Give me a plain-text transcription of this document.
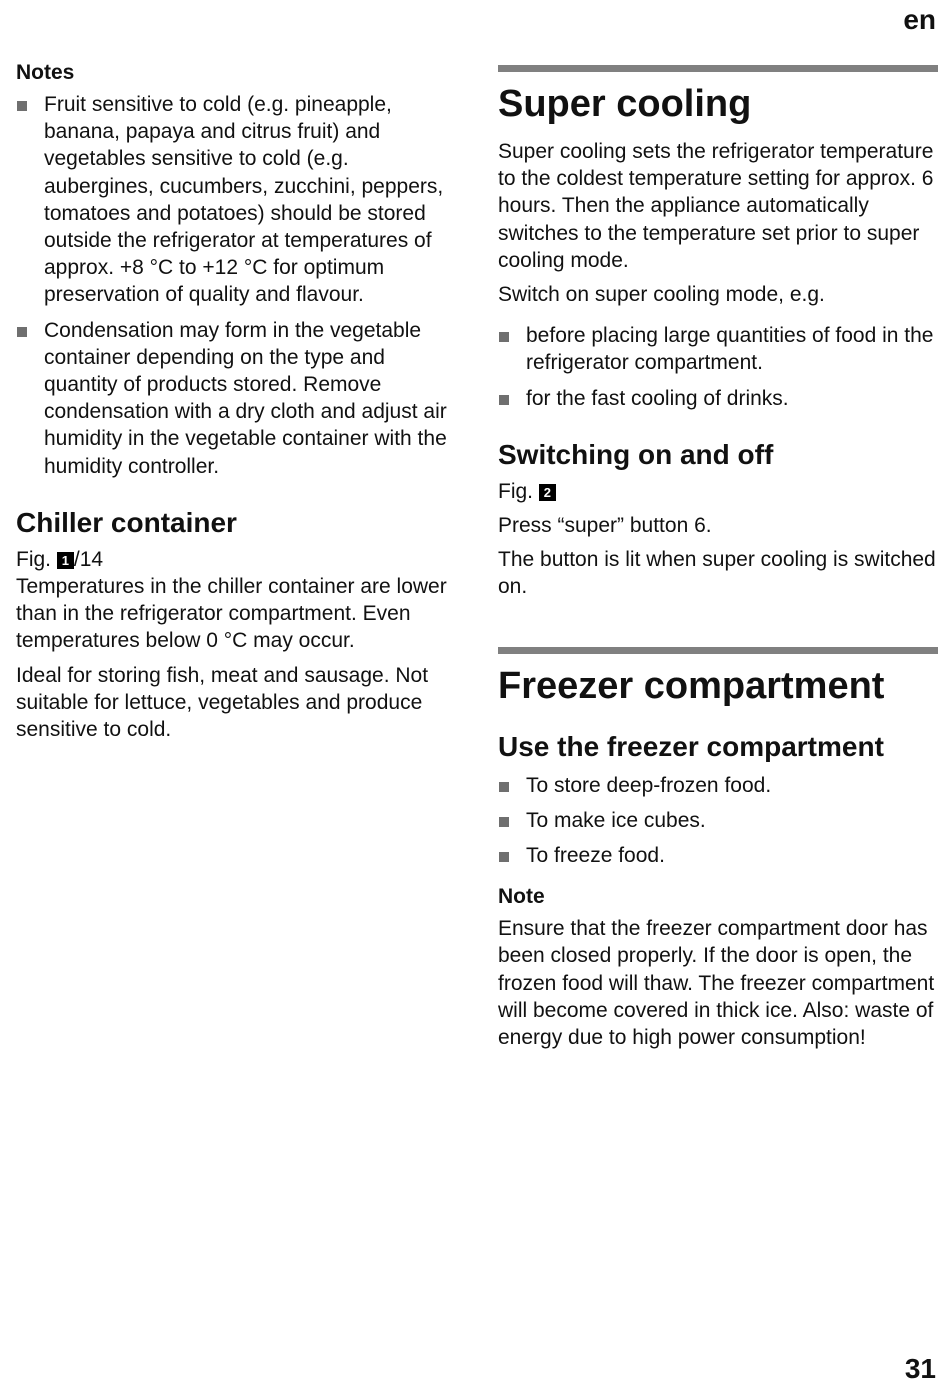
en

Notes

Fruit sensitive to cold (e.g. pineapple, banana, papaya and citrus fruit) and vegetables sensitive to cold (e.g. aubergines, cucumbers, zucchini, peppers, tomatoes and potatoes) should be stored outside the refrigerator at temperatures of approx. +8 °C to +12 °C for optimum preservation of quality and flavour.
Condensation may form in the vegetable container depending on the type and quantity of products stored. Remove condensation with a dry cloth and adjust air humidity in the vegetable container with the humidity controller.
Chiller container

Fig. 1 /14

Temperatures in the chiller container are lower than in the refrigerator compartment. Even temperatures below 0 °C may occur.

Ideal for storing fish, meat and sausage. Not suitable for lettuce, vegetables and produce sensitive to cold.

Super cooling

Super cooling sets the refrigerator temperature to the coldest temperature setting for approx. 6 hours. Then the appliance automatically switches to the temperature set prior to super cooling mode.

Switch on super cooling mode, e.g.

before placing large quantities of food in the refrigerator compartment.
for the fast cooling of drinks.
Switching on and off

Fig. 2

Press “super” button 6.

The button is lit when super cooling is switched on.

Freezer compartment
Use the freezer compartment
To store deep-frozen food.
To make ice cubes.
To freeze food.

Note

Ensure that the freezer compartment door has been closed properly. If the door is open, the frozen food will thaw. The freezer compartment will become covered in thick ice. Also: waste of energy due to high power consumption!

31
